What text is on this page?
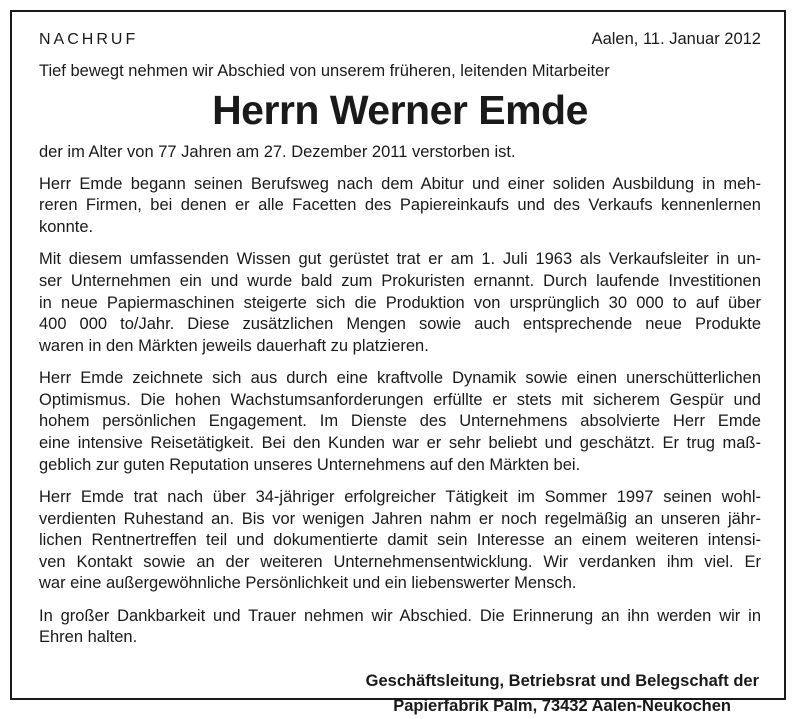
NACHRUF	Aalen, 11. Januar 2012
Tief bewegt nehmen wir Abschied von unserem früheren, leitenden Mitarbeiter
Herrn Werner Emde
der im Alter von 77 Jahren am 27. Dezember 2011 verstorben ist.
Herr Emde begann seinen Berufsweg nach dem Abitur und einer soliden Ausbildung in meh-
reren Firmen, bei denen er alle Facetten des Papiereinkaufs und des Verkaufs kennenlernen
konnte.
Mit diesem umfassenden Wissen gut gerüstet trat er am 1. Juli 1963 als Verkaufsleiter in un-
ser Unternehmen ein und wurde bald zum Prokuristen ernannt. Durch laufende Investitionen
in neue Papiermaschinen steigerte sich die Produktion von ursprünglich 30 000 to auf über
400 000 to/Jahr. Diese zusätzlichen Mengen sowie auch entsprechende neue Produkte
waren in den Märkten jeweils dauerhaft zu platzieren.
Herr Emde zeichnete sich aus durch eine kraftvolle Dynamik sowie einen unerschütterlichen
Optimismus. Die hohen Wachstumsanforderungen erfüllte er stets mit sicherem Gespür und
hohem persönlichen Engagement. Im Dienste des Unternehmens absolvierte Herr Emde
eine intensive Reisetätigkeit. Bei den Kunden war er sehr beliebt und geschätzt. Er trug maß-
geblich zur guten Reputation unseres Unternehmens auf den Märkten bei.
Herr Emde trat nach über 34-jähriger erfolgreicher Tätigkeit im Sommer 1997 seinen wohl-
verdienten Ruhestand an. Bis vor wenigen Jahren nahm er noch regelmäßig an unseren jähr-
lichen Rentnertreffen teil und dokumentierte damit sein Interesse an einem weiteren intensi-
ven Kontakt sowie an der weiteren Unternehmensentwicklung. Wir verdanken ihm viel. Er
war eine außergewöhnliche Persönlichkeit und ein liebenswerter Mensch.
In großer Dankbarkeit und Trauer nehmen wir Abschied. Die Erinnerung an ihn werden wir in
Ehren halten.
Geschäftsleitung, Betriebsrat und Belegschaft der
Papierfabrik Palm, 73432 Aalen-Neukochen
